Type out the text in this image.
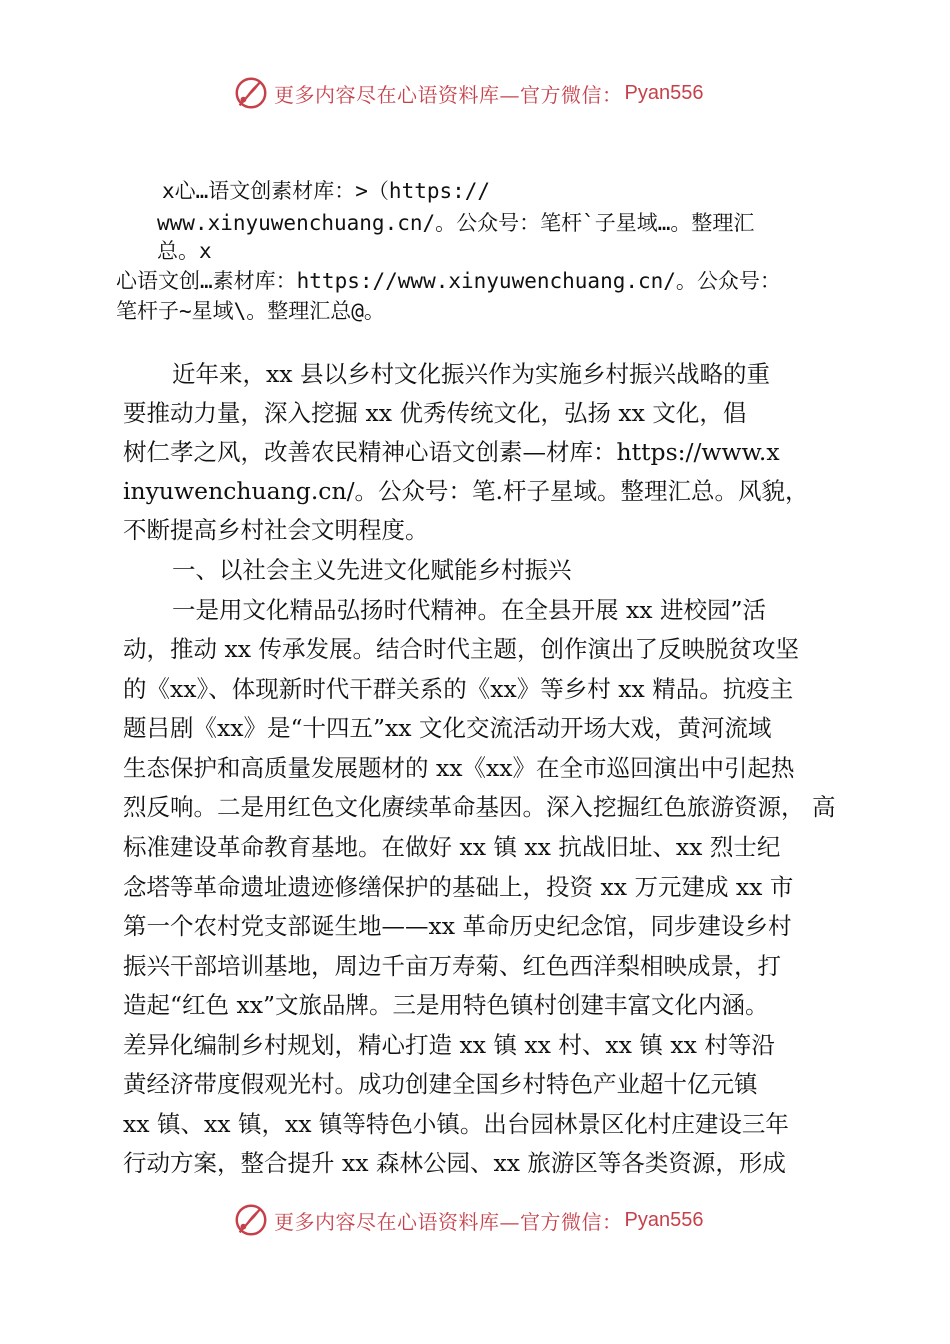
更多内容尽在心语资料库—官方微信： Pyan556
x心…语文创素材库：>（https://
www.xinyuwenchuang.cn/。公众号：笔杆`子星域…。整理汇
总。x
心语文创…素材库：https://www.xinyuwenchuang.cn/。公众号：
笔杆子~星域\。整理汇总@。
近年来，xx 县以乡村文化振兴作为实施乡村振兴战略的重
要推动力量，深入挖掘 xx 优秀传统文化，弘扬 xx 文化，倡
树仁孝之风，改善农民精神心语文创素—材库：https://www.x
inyuwenchuang.cn/。公众号：笔.杆子星域。整理汇总。风貌，
不断提高乡村社会文明程度。
一、以社会主义先进文化赋能乡村振兴
一是用文化精品弘扬时代精神。在全县开展 xx 进校园”活
动，推动 xx 传承发展。结合时代主题，创作演出了反映脱贫攻坚
的《xx》、体现新时代干群关系的《xx》等乡村 xx 精品。抗疫主
题吕剧《xx》是“十四五”xx 文化交流活动开场大戏，黄河流域
生态保护和高质量发展题材的 xx《xx》在全市巡回演出中引起热
烈反响。二是用红色文化赓续革命基因。深入挖掘红色旅游资源， 高
标准建设革命教育基地。在做好 xx 镇 xx 抗战旧址、xx 烈士纪
念塔等革命遗址遗迹修缮保护的基础上，投资 xx 万元建成 xx 市
第一个农村党支部诞生地——xx 革命历史纪念馆，同步建设乡村
振兴干部培训基地，周边千亩万寿菊、红色西洋梨相映成景，打
造起“红色 xx”文旅品牌。三是用特色镇村创建丰富文化内涵。
差异化编制乡村规划，精心打造 xx 镇 xx 村、xx 镇 xx 村等沿
黄经济带度假观光村。成功创建全国乡村特色产业超十亿元镇
xx 镇、xx 镇，xx 镇等特色小镇。出台园林景区化村庄建设三年
行动方案，整合提升 xx 森林公园、xx 旅游区等各类资源，形成
更多内容尽在心语资料库—官方微信： Pyan556
